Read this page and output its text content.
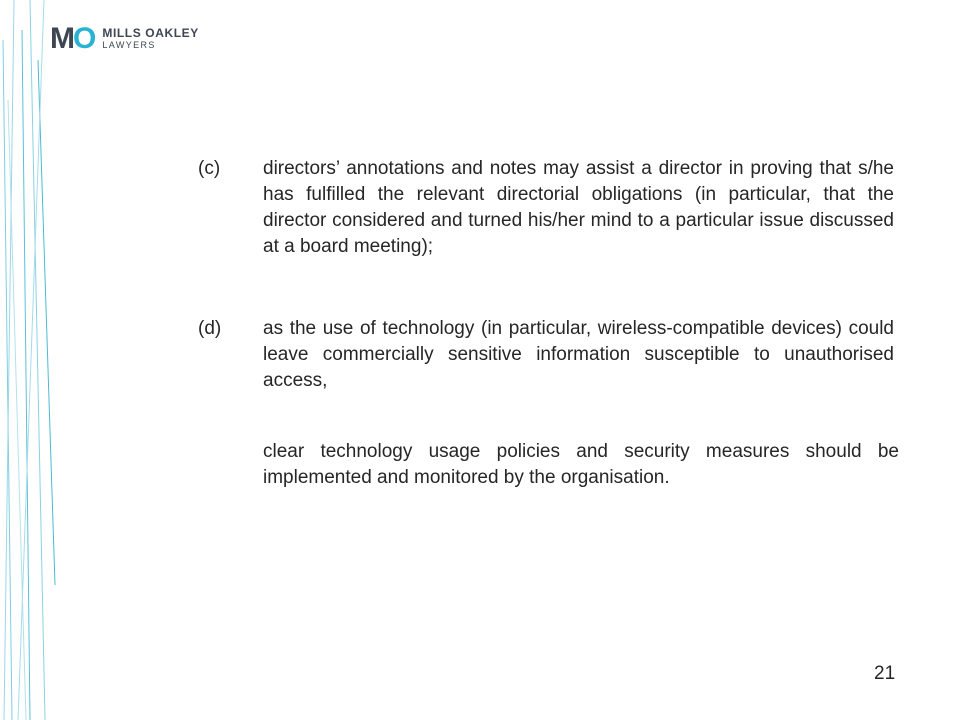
M O MILLS OAKLEY
LAWYERS
(c)	directors’ annotations and notes may assist a director in proving that s/he has fulfilled the relevant directorial obligations (in particular, that the director considered and turned his/her mind to a particular issue discussed at a board meeting);
(d)	as the use of technology (in particular, wireless-compatible devices) could leave commercially sensitive information susceptible to unauthorised access,
clear technology usage policies and security measures should be implemented and monitored by the organisation.
21
